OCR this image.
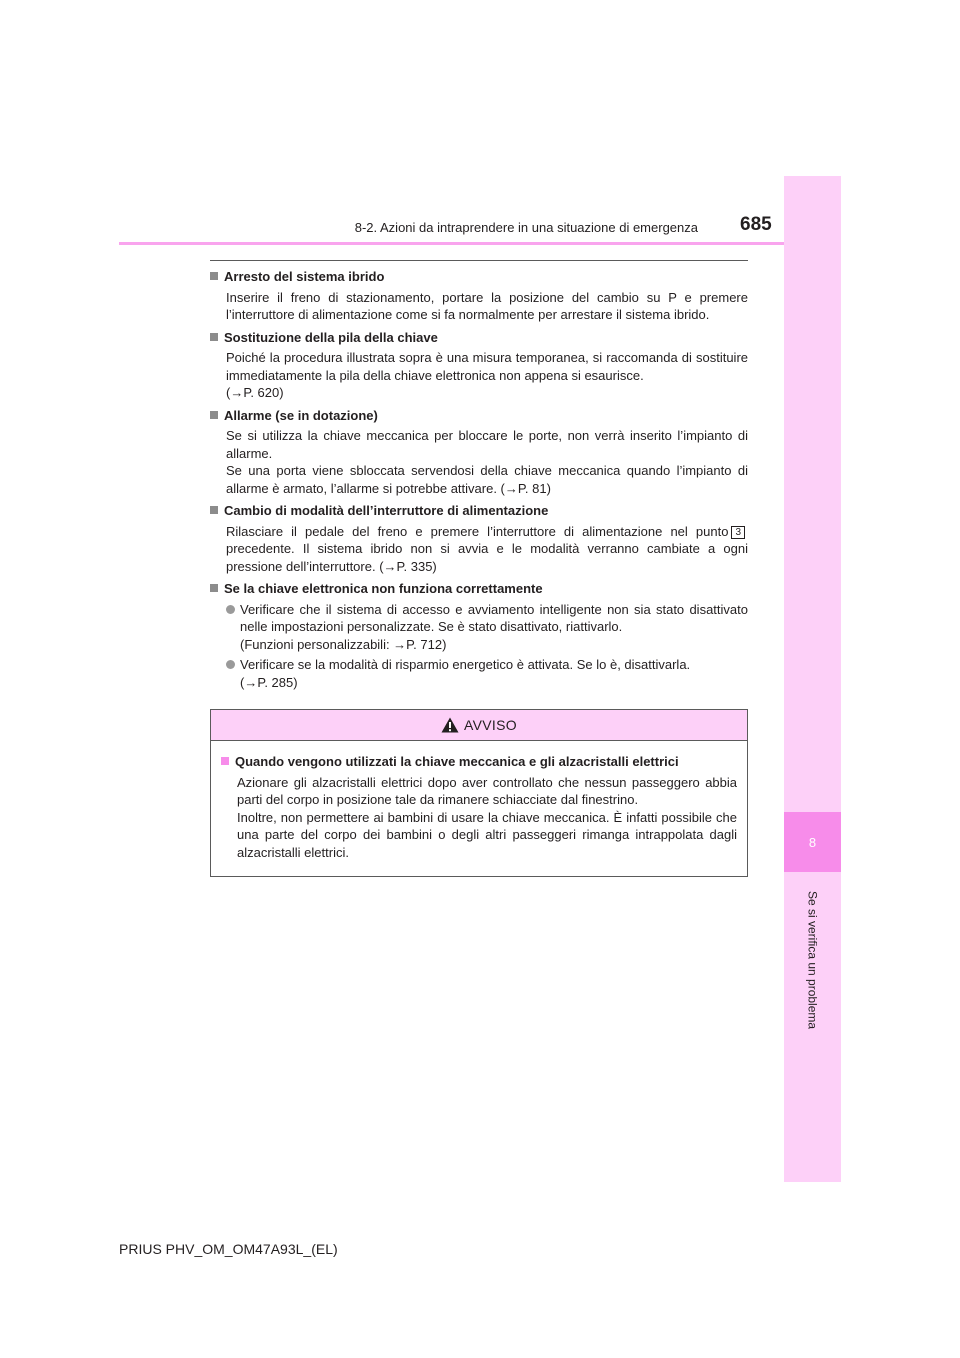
8-2. Azioni da intraprendere in una situazione di emergenza 685
8
Se si verifica un problema
Arresto del sistema ibrido

Inserire il freno di stazionamento, portare la posizione del cambio su P e premere l’interruttore di alimentazione come si fa normalmente per arrestare il sistema ibrido.

Sostituzione della pila della chiave

Poiché la procedura illustrata sopra è una misura temporanea, si raccomanda di sostituire immediatamente la pila della chiave elettronica non appena si esaurisce.

(→P. 620)

Allarme (se in dotazione)

Se si utilizza la chiave meccanica per bloccare le porte, non verrà inserito l’impianto di allarme.

Se una porta viene sbloccata servendosi della chiave meccanica quando l’impianto di allarme è armato, l’allarme si potrebbe attivare. (→P. 81)

Cambio di modalità dell’interruttore di alimentazione

Rilasciare il pedale del freno e premere l’interruttore di alimentazione nel punto 3precedente. Il sistema ibrido non si avvia e le modalità verranno cambiate a ogni pressione dell’interruttore. (→P. 335)

Se la chiave elettronica non funziona correttamente

Verificare che il sistema di accesso e avviamento intelligente non sia stato disattivato nelle impostazioni personalizzate. Se è stato disattivato, riattivarlo.

(Funzioni personalizzabili: →P. 712)

Verificare se la modalità di risparmio energetico è attivata. Se lo è, disattivarla.

(→P. 285)

AVVISO
Quando vengono utilizzati la chiave meccanica e gli alzacristalli elettrici

Azionare gli alzacristalli elettrici dopo aver controllato che nessun passeggero abbia parti del corpo in posizione tale da rimanere schiacciate dal finestrino.

Inoltre, non permettere ai bambini di usare la chiave meccanica. È infatti possibile che una parte del corpo dei bambini o degli altri passeggeri rimanga intrappolata dagli alzacristalli elettrici.

PRIUS PHV_OM_OM47A93L_(EL)
